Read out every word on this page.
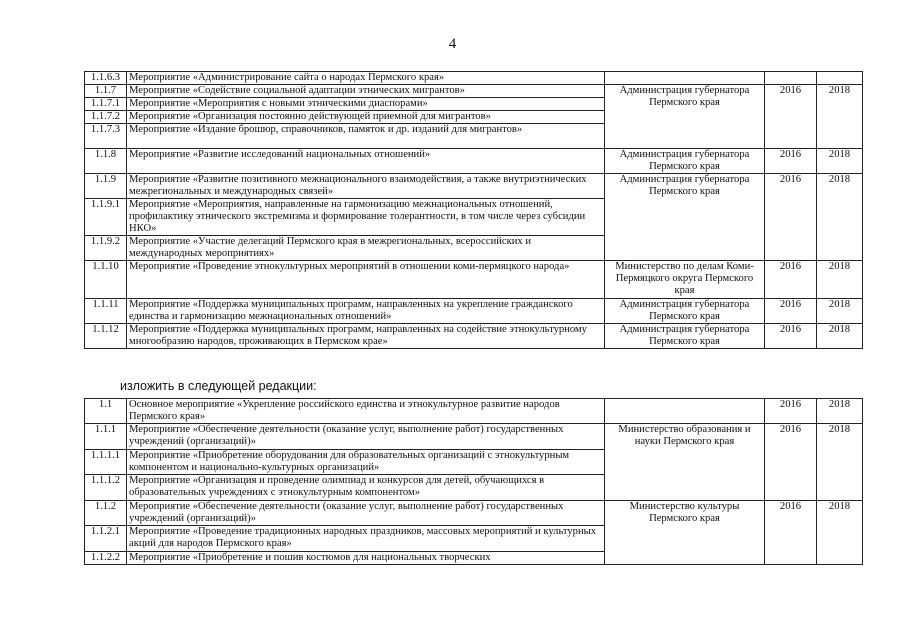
4
1.1.6.3	Мероприятие «Администрирование сайта о народах Пермского края»			
1.1.7	Мероприятие «Содействие социальной адаптации этнических мигрантов»	Администрация губернатора Пермского края	2016	2018
1.1.7.1	Мероприятие «Мероприятия с новыми этническими диаспорами»			
1.1.7.2	Мероприятие «Организация постоянно действующей приемной для мигрантов»			
1.1.7.3	Мероприятие «Издание брошюр, справочников, памяток и др. изданий для мигрантов»			
1.1.8	Мероприятие «Развитие исследований национальных отношений»	Администрация губернатора Пермского края	2016	2018
1.1.9	Мероприятие «Развитие позитивного межнационального взаимодействия, а также внутриэтнических межрегиональных и международных связей»	Администрация губернатора Пермского края	2016	2018
1.1.9.1	Мероприятие «Мероприятия, направленные на гармонизацию межнациональных отношений, профилактику этнического экстремизма и формирование толерантности, в том числе через субсидии НКО»			
1.1.9.2	Мероприятие «Участие делегаций Пермского края в межрегиональных, всероссийских и международных мероприятиях»			
1.1.10	Мероприятие «Проведение этнокультурных мероприятий в отношении коми-пермяцкого народа»	Министерство по делам Коми-Пермяцкого округа Пермского края	2016	2018
1.1.11	Мероприятие «Поддержка муниципальных программ, направленных на укрепление гражданского единства и гармонизацию межнациональных отношений»	Администрация губернатора Пермского края	2016	2018
1.1.12	Мероприятие «Поддержка муниципальных программ, направленных на содействие этнокультурному многообразию народов, проживающих в Пермском крае»	Администрация губернатора Пермского края	2016	2018
изложить в следующей редакции:
1.1	Основное мероприятие «Укрепление российского единства и этнокультурное развитие народов Пермского края»		2016	2018
1.1.1	Мероприятие «Обеспечение деятельности (оказание услуг, выполнение работ) государственных учреждений (организаций)»	Министерство образования и науки Пермского края	2016	2018
1.1.1.1	Мероприятие «Приобретение оборудования для образовательных организаций с этнокультурным компонентом и национально-культурных организаций»			
1.1.1.2	Мероприятие «Организация и проведение олимпиад и конкурсов для детей, обучающихся в образовательных учреждениях с этнокультурным компонентом»			
1.1.2	Мероприятие «Обеспечение деятельности (оказание услуг, выполнение работ) государственных учреждений (организаций)»	Министерство культуры Пермского края	2016	2018
1.1.2.1	Мероприятие «Проведение традиционных народных праздников, массовых мероприятий и культурных акций для народов Пермского края»			
1.1.2.2	Мероприятие «Приобретение и пошив костюмов для национальных творческих			
